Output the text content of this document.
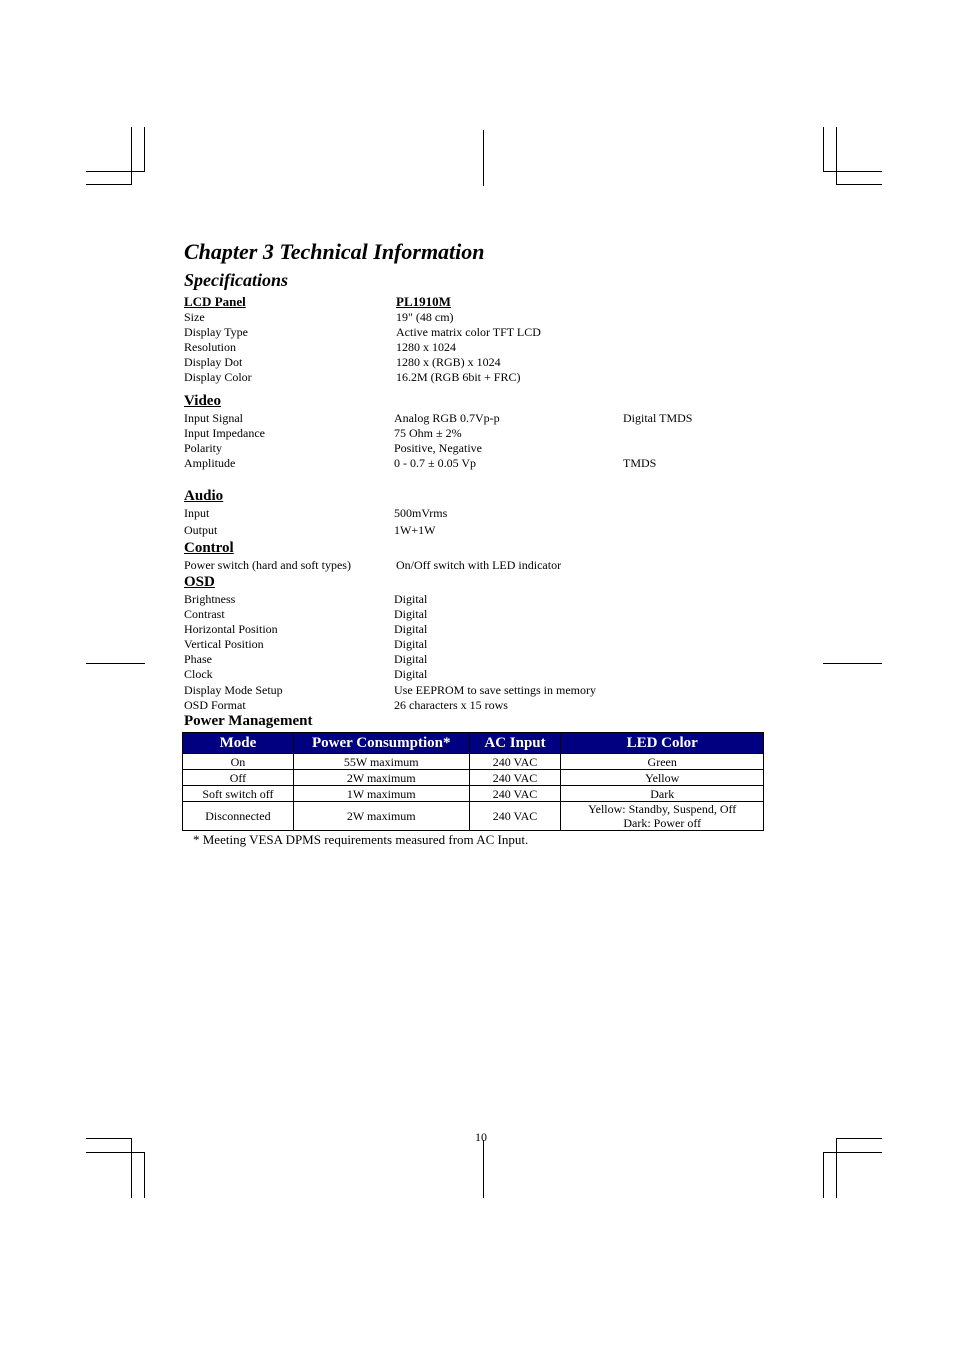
Chapter 3 Technical Information
Specifications
LCD Panel	PL1910M
Size	19" (48 cm)
Display Type	Active matrix color TFT LCD
Resolution	1280 x 1024
Display Dot	1280 x (RGB) x 1024
Display Color	16.2M (RGB 6bit + FRC)
Video
Input Signal	Analog RGB 0.7Vp-p	Digital TMDS
Input Impedance	75 Ohm ± 2%
Polarity	Positive, Negative
Amplitude	0 - 0.7 ± 0.05 Vp	TMDS
Audio
Input	500mVrms
Output	1W+1W
Control
Power switch (hard and soft types)	On/Off switch with LED indicator
OSD
Brightness	Digital
Contrast	Digital
Horizontal Position	Digital
Vertical Position	Digital
Phase	Digital
Clock	Digital
Display Mode Setup	Use EEPROM to save settings in memory
OSD Format	26 characters x 15 rows
Power Management
Mode	Power Consumption*	AC Input	LED Color
On	55W maximum	240 VAC	Green
Off	2W maximum	240 VAC	Yellow
Soft switch off	1W maximum	240 VAC	Dark
Disconnected	2W maximum	240 VAC	Yellow: Standby, Suspend, Off
Dark: Power off
* Meeting VESA DPMS requirements measured from AC Input.
10
